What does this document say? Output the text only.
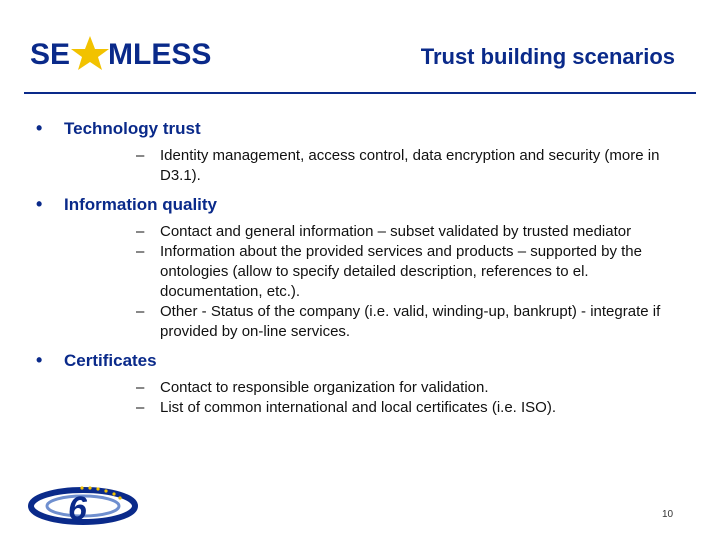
SE MLESS	Trust building scenarios
• Technology trust
– Identity management, access control, data encryption and security (more in D3.1).
• Information quality
– Contact and general information – subset validated by trusted mediator
– Information about the provided services and products – supported by the ontologies (allow to specify detailed description, references to el. documentation, etc.).
– Other - Status of the company (i.e. valid, winding-up, bankrupt) - integrate if provided by on-line services.
• Certificates
– Contact to responsible organization for validation.
– List of common international and local certificates (i.e. ISO).
6	10
